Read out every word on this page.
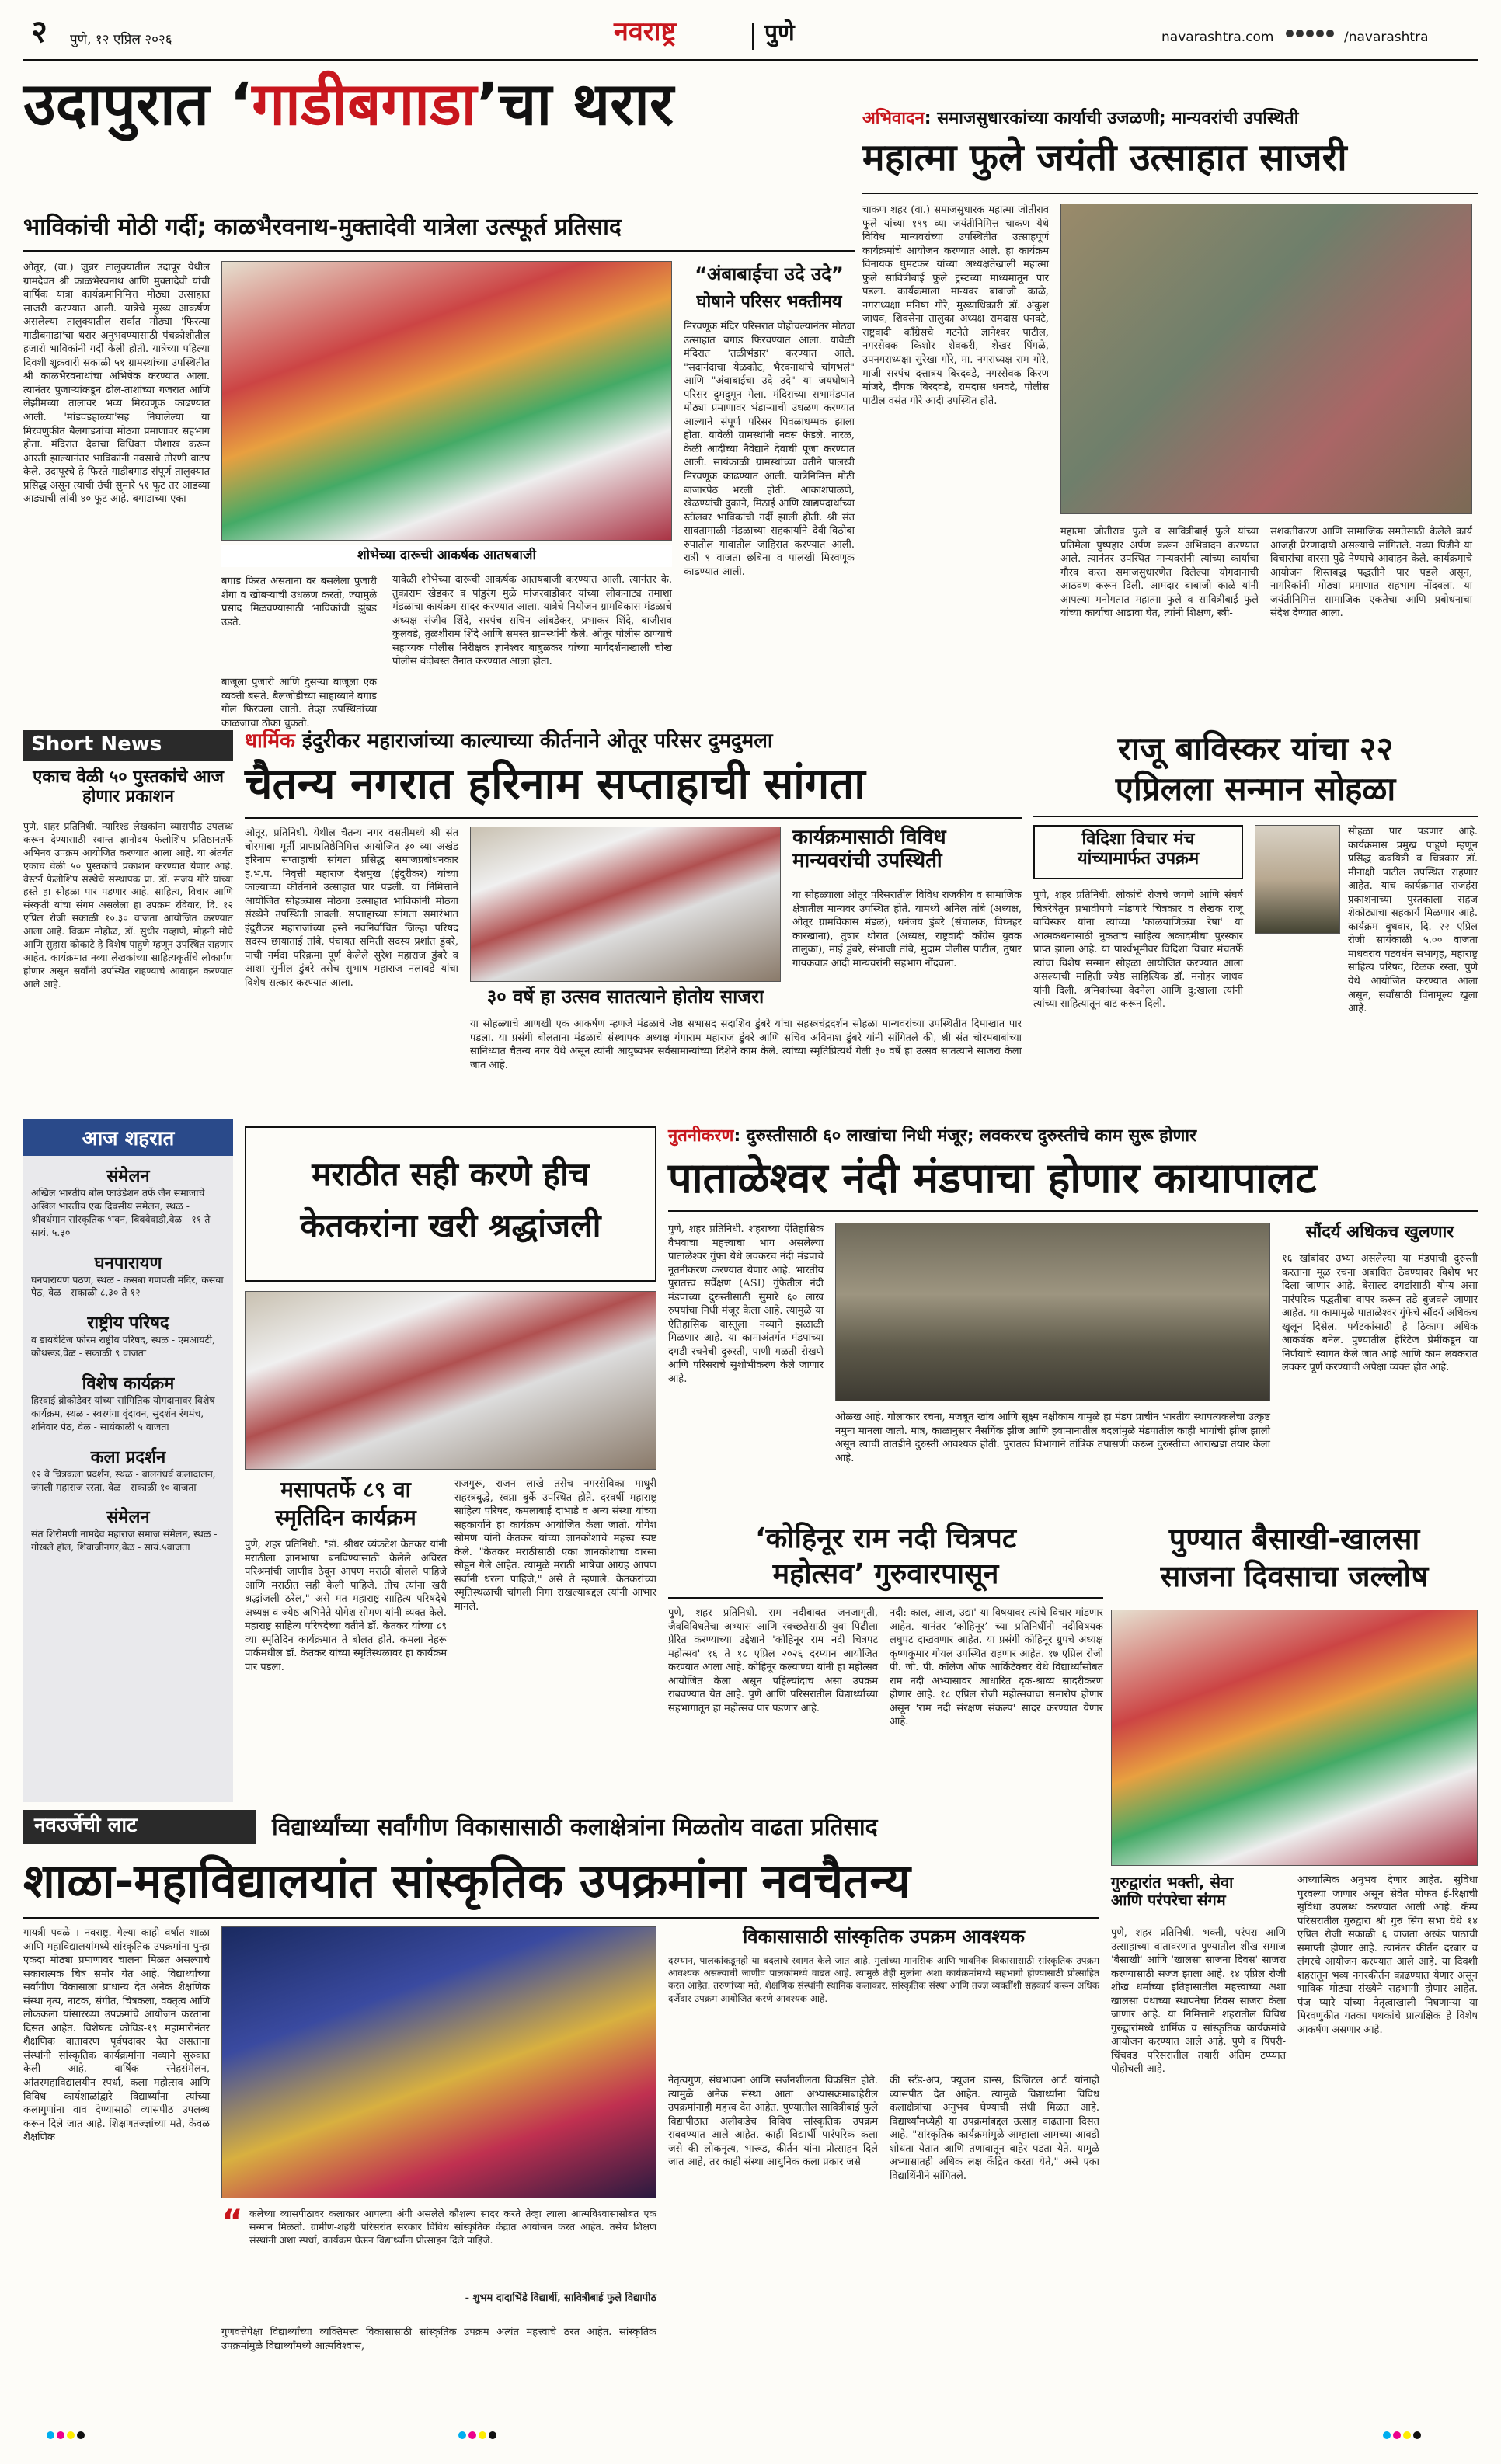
२ पुणे, १२ एप्रिल २०२६	नवराष्ट्र	पुणे	navarashtra.com
	/navarashtra
उदापुरात ‘गाडीबगाडा’चा थरार
भाविकांची मोठी गर्दी; काळभैरवनाथ-मुक्तादेवी यात्रेला उत्स्फूर्त प्रतिसाद
ओतूर, (वा.) जुन्नर तालुक्यातील उदापूर येथील ग्रामदैवत श्री काळभैरवनाथ आणि मुक्तादेवी यांची वार्षिक यात्रा कार्यक्रमांनिमित्त मोठ्या उत्साहात साजरी करण्यात आली. यात्रेचे मुख्य आकर्षण असलेल्या तालुक्यातील सर्वात मोठ्या 'फिरत्या गाडीबगाडा'चा थरार अनुभवण्यासाठी पंचक्रोशीतील हजारो भाविकांनी गर्दी केली होती. यात्रेच्या पहिल्या दिवशी शुक्रवारी सकाळी ५१ ग्रामस्थांच्या उपस्थितीत श्री काळभैरवनाथांचा अभिषेक करण्यात आला. त्यानंतर पुजाऱ्यांकडून ढोल-ताशांच्या गजरात आणि लेझीमच्या तालावर भव्य मिरवणूक काढण्यात आली. 'मांडवडहाळ्या'सह निघालेल्या या मिरवणुकीत बैलगाड्यांचा मोठ्या प्रमाणावर सहभाग होता. मंदिरात देवाचा विधिवत पोशाख करून आरती झाल्यानंतर भाविकांनी नवसाचे तोरणी वाटप केले. उदापूरचे हे फिरते गाडीबगाड संपूर्ण तालुक्यात प्रसिद्ध असून त्याची उंची सुमारे ५१ फूट तर आडव्या आड्याची लांबी ४० फूट आहे. बगाडाच्या एका
शोभेच्या दारूची आकर्षक आतषबाजी
यावेळी शोभेच्या दारूची आकर्षक आतषबाजी करण्यात आली. त्यानंतर के. तुकाराम खेडकर व पांडुरंग मुळे मांजरवाडीकर यांच्या लोकनाट्य तमाशा मंडळाचा कार्यक्रम सादर करण्यात आला. यात्रेचे नियोजन ग्रामविकास मंडळाचे अध्यक्ष संजीव शिंदे, सरपंच सचिन आंबडेकर, प्रभाकर शिंदे, बाजीराव कुलवडे, तुळशीराम शिंदे आणि समस्त ग्रामस्थांनी केले. ओतूर पोलीस ठाण्याचे सहाय्यक पोलीस निरीक्षक ज्ञानेश्वर बाबुळकर यांच्या मार्गदर्शनाखाली चोख पोलीस बंदोबस्त तैनात करण्यात आला होता.
बाजूला पुजारी आणि दुसऱ्या बाजूला एक व्यक्ती बसते. बैलजोडीच्या साहाय्याने बगाड गोल फिरवला जातो. तेव्हा उपस्थितांच्या काळजाचा ठोका चुकतो.
बगाड फिरत असताना वर बसलेला पुजारी शेंगा व खोबऱ्याची उधळण करतो, ज्यामुळे प्रसाद मिळवण्यासाठी भाविकांची झुंबड उडते.
“अंबाबाईचा उदे उदे”
घोषाने परिसर भक्तीमय
मिरवणूक मंदिर परिसरात पोहोचल्यानंतर मोठ्या उत्साहात बगाड फिरवण्यात आला. यावेळी मंदिरात 'तळीभंडार' करण्यात आले. "सदानंदाचा येळकोट, भैरवनाथांचे चांगभलं" आणि "अंबाबाईचा उदे उदे" या जयघोषाने परिसर दुमदुमून गेला. मंदिराच्या सभामंडपात मोठ्या प्रमाणावर भंडाऱ्याची उधळण करण्यात आल्याने संपूर्ण परिसर पिवळाधम्मक झाला होता. यावेळी ग्रामस्थांनी नवस फेडले. नारळ, केळी आदींच्या नैवेद्याने देवाची पूजा करण्यात आली. सायंकाळी ग्रामस्थांच्या वतीने पालखी मिरवणूक काढण्यात आली. यात्रेनिमित्त मोठी बाजारपेठ भरली होती. आकाशपाळणे, खेळण्यांची दुकाने, मिठाई आणि खाद्यपदार्थांच्या स्टॉलवर भाविकांची गर्दी झाली होती. श्री संत सावतामाळी मंडळाच्या सहकार्याने देवी-विठोबा रुपातील गावातील जाहिरात करण्यात आली. रात्री ९ वाजता छबिना व पालखी मिरवणूक काढण्यात आली.
अभिवादन: समाजसुधारकांच्या कार्याची उजळणी; मान्यवरांची उपस्थिती
महात्मा फुले जयंती उत्साहात साजरी
चाकण शहर (वा.) समाजसुधारक महात्मा जोतीराव फुले यांच्या १९९ व्या जयंतीनिमित्त चाकण येथे विविध मान्यवरांच्या उपस्थितीत उत्साहपूर्ण कार्यक्रमांचे आयोजन करण्यात आले. हा कार्यक्रम विनायक घुमटकर यांच्या अध्यक्षतेखाली महात्मा फुले सावित्रीबाई फुले ट्रस्टच्या माध्यमातून पार पडला. कार्यक्रमाला मान्यवर बाबाजी काळे, नगराध्यक्षा मनिषा गोरे, मुख्याधिकारी डॉ. अंकुश जाधव, शिवसेना तालुका अध्यक्ष रामदास धनवटे, राष्ट्रवादी काँग्रेसचे गटनेते ज्ञानेश्वर पाटील, नगरसेवक किशोर शेवकरी, शेखर पिंगळे, उपनगराध्यक्षा सुरेखा गोरे, मा. नगराध्यक्ष राम गोरे, माजी सरपंच दत्तात्रय बिरदवडे, नगरसेवक किरण मांजरे, दीपक बिरदवडे, रामदास धनवटे, पोलीस पाटील वसंत गोरे आदी उपस्थित होते.
महात्मा जोतीराव फुले व सावित्रीबाई फुले यांच्या प्रतिमेला पुष्पहार अर्पण करून अभिवादन करण्यात आले. त्यानंतर उपस्थित मान्यवरांनी त्यांच्या कार्याचा गौरव करत समाजसुधारणेत दिलेल्या योगदानाची आठवण करून दिली. आमदार बाबाजी काळे यांनी आपल्या मनोगतात महात्मा फुले व सावित्रीबाई फुले यांच्या कार्याचा आढावा घेत, त्यांनी शिक्षण, स्त्री-
सशक्तीकरण आणि सामाजिक समतेसाठी केलेले कार्य आजही प्रेरणादायी असल्याचे सांगितले. नव्या पिढीने या विचारांचा वारसा पुढे नेण्याचे आवाहन केले. कार्यक्रमाचे आयोजन शिस्तबद्ध पद्धतीने पार पडले असून, नागरिकांनी मोठ्या प्रमाणात सहभाग नोंदवला. या जयंतीनिमित्त सामाजिक एकतेचा आणि प्रबोधनाचा संदेश देण्यात आला.
Short News
एकाच वेळी ५० पुस्तकांचे आज होणार प्रकाशन
पुणे, शहर प्रतिनिधी. न्यारिश्ड लेखकांना व्यासपीठ उपलब्ध करून देण्यासाठी स्वान्त ज्ञानोदय फेलोशिप प्रतिष्ठानतर्फे अभिनव उपक्रम आयोजित करण्यात आला आहे. या अंतर्गत एकाच वेळी ५० पुस्तकांचे प्रकाशन करण्यात येणार आहे. वेस्टर्न फेलोशिप संस्थेचे संस्थापक प्रा. डॉ. संजय गोरे यांच्या हस्ते हा सोहळा पार पडणार आहे. साहित्य, विचार आणि संस्कृती यांचा संगम असलेला हा उपक्रम रविवार, दि. १२ एप्रिल रोजी सकाळी १०.३० वाजता आयोजित करण्यात आला आहे. विक्रम मोहोळ, डॉ. सुधीर गव्हाणे, मोहनी मोघे आणि सुहास कोकाटे हे विशेष पाहुणे म्हणून उपस्थित राहणार आहेत. कार्यक्रमात नव्या लेखकांच्या साहित्यकृतींचे लोकार्पण होणार असून सर्वांनी उपस्थित राहण्याचे आवाहन करण्यात आले आहे.
धार्मिक इंदुरीकर महाराजांच्या काल्याच्या कीर्तनाने ओतूर परिसर दुमदुमला
चैतन्य नगरात हरिनाम सप्ताहाची सांगता
ओतूर, प्रतिनिधी. येथील चैतन्य नगर वसतीमध्ये श्री संत चोरमाबा मूर्ती प्राणप्रतिष्ठेनिमित्त आयोजित ३० व्या अखंड हरिनाम सप्ताहाची सांगता प्रसिद्ध समाजप्रबोधनकार ह.भ.प. निवृत्ती महाराज देशमुख (इंदुरीकर) यांच्या काल्याच्या कीर्तनाने उत्साहात पार पडली. या निमित्ताने आयोजित सोहळ्यास मोठ्या उत्साहात भाविकांनी मोठ्या संख्येने उपस्थिती लावली. सप्ताहाच्या सांगता समारंभात इंदुरीकर महाराजांच्या हस्ते नवनिर्वाचित जिल्हा परिषद सदस्य छायाताई तांबे, पंचायत समिती सदस्य प्रशांत डुंबरे, पाची नर्मदा परिक्रमा पूर्ण केलेले सुरेश महाराज डुंबरे व आशा सुनील डुंबरे तसेच सुभाष महाराज नलावडे यांचा विशेष सत्कार करण्यात आला.
३० वर्षे हा उत्सव सातत्याने होतोय साजरा
कार्यक्रमासाठी विविध मान्यवरांची उपस्थिती
या सोहळ्याला ओतूर परिसरातील विविध राजकीय व सामाजिक क्षेत्रातील मान्यवर उपस्थित होते. यामध्ये अनिल तांबे (अध्यक्ष, ओतूर ग्रामविकास मंडळ), धनंजय डुंबरे (संचालक, विघ्नहर कारखाना), तुषार थोरात (अध्यक्ष, राष्ट्रवादी काँग्रेस युवक तालुका), माई डुंबरे, संभाजी तांबे, मुदाम पोलीस पाटील, तुषार गायकवाड आदी मान्यवरांनी सहभाग नोंदवला.
या सोहळ्याचे आणखी एक आकर्षण म्हणजे मंडळाचे जेष्ठ सभासद सदाशिव डुंबरे यांचा सहस्त्रचंद्रदर्शन सोहळा मान्यवरांच्या उपस्थितीत दिमाखात पार पडला. या प्रसंगी बोलताना मंडळाचे संस्थापक अध्यक्ष गंगाराम महाराज डुंबरे आणि सचिव अविनाश डुंबरे यांनी सांगितले की, श्री संत चोरमबाबांच्या सानिध्यात चैतन्य नगर येथे असून त्यांनी आयुष्यभर सर्वसामान्यांच्या दिशेने काम केले. त्यांच्या स्मृतिप्रित्यर्थ गेली ३० वर्षे हा उत्सव सातत्याने साजरा केला जात आहे.
राजू बाविस्कर यांचा २२
एप्रिलला सन्मान सोहळा
विदिशा विचार मंच
यांच्यामार्फत उपक्रम
पुणे, शहर प्रतिनिधी. लोकांचे रोजचे जगणे आणि संघर्ष चित्ररेषेतून प्रभावीपणे मांडणारे चित्रकार व लेखक राजू बाविस्कर यांना त्यांच्या 'काळयाणिळ्या रेषा' या आत्मकथनासाठी नुकताच साहित्य अकादमीचा पुरस्कार प्राप्त झाला आहे. या पार्श्वभूमीवर विदिशा विचार मंचतर्फे त्यांचा विशेष सन्मान सोहळा आयोजित करण्यात आला असल्याची माहिती ज्येष्ठ साहित्यिक डॉ. मनोहर जाधव यांनी दिली. श्रमिकांच्या वेदनेला आणि दु:खाला त्यांनी त्यांच्या साहित्यातून वाट करून दिली.
सोहळा पार पडणार आहे. कार्यक्रमास प्रमुख पाहुणे म्हणून प्रसिद्ध कवयित्री व चित्रकार डॉ. मीनाक्षी पाटील उपस्थित राहणार आहेत. याच कार्यक्रमात राजहंस प्रकाशनाच्या पुस्तकाला सहज शेकोट्याचा सहकार्य मिळणार आहे. कार्यक्रम बुधवार, दि. २२ एप्रिल रोजी सायंकाळी ५.०० वाजता माधवराव पटवर्धन सभागृह, महाराष्ट्र साहित्य परिषद, टिळक रस्ता, पुणे येथे आयोजित करण्यात आला असून, सर्वांसाठी विनामूल्य खुला आहे.
आज शहरात
संमेलन
अखिल भारतीय बोल फाउंडेशन तर्फे जैन समाजाचे अखिल भारतीय एक दिवसीय संमेलन, स्थळ - श्रीवर्धमान सांस्कृतिक भवन, बिबवेवाडी,वेळ - ११ ते सायं. ५.३०
घनपारायण
घनपारायण पठण, स्थळ - कसबा गणपती मंदिर, कसबा पेठ, वेळ - सकाळी ८.३० ते १२
राष्ट्रीय परिषद
व डायबेटिज फोरम राष्ट्रीय परिषद, स्थळ - एमआयटी, कोथरूड,वेळ - सकाळी ९ वाजता
विशेष कार्यक्रम
हिरवाई ब्रोकोडेवर यांच्या सांगितिक योगदानावर विशेष कार्यक्रम, स्थळ - स्वरगंगा वृंदावन, सुदर्शन रंगमंच, शनिवार पेठ, वेळ - सायंकाळी ५ वाजता
कला प्रदर्शन
१२ वे चित्रकला प्रदर्शन, स्थळ - बालगंधर्व कलादालन, जंगली महाराज रस्ता, वेळ - सकाळी १० वाजता
संमेलन
संत शिरोमणी नामदेव महाराज समाज संमेलन, स्थळ - गोखले हॉल, शिवाजीनगर,वेळ - सायं.५वाजता
मराठीत सही करणे हीच
केतकरांना खरी श्रद्धांजली
मसापतर्फे ८९ वा
स्मृतिदिन कार्यक्रम
पुणे, शहर प्रतिनिधी. "डॉ. श्रीधर व्यंकटेश केतकर यांनी मराठीला ज्ञानभाषा बनविण्यासाठी केलेले अविरत परिश्रमांची जाणीव ठेवून आपण मराठी बोलले पाहिजे आणि मराठीत सही केली पाहिजे. तीच त्यांना खरी श्रद्धांजली ठरेल," असे मत महाराष्ट्र साहित्य परिषदेचे अध्यक्ष व ज्येष्ठ अभिनेते योगेश सोमण यांनी व्यक्त केले. महाराष्ट्र साहित्य परिषदेच्या वतीने डॉ. केतकर यांच्या ८९ व्या स्मृतिदिन कार्यक्रमात ते बोलत होते. कमला नेहरू पार्कमधील डॉ. केतकर यांच्या स्मृतिस्थळावर हा कार्यक्रम पार पडला.
राजगुरू, राजन लाखे तसेच नगरसेविका माधुरी सहस्त्रबुद्धे, स्वप्ना बुर्के उपस्थित होते. दरवर्षी महाराष्ट्र साहित्य परिषद, कमलाबाई दाभाडे व अन्य संस्था यांच्या सहकार्याने हा कार्यक्रम आयोजित केला जातो. योगेश सोमण यांनी केतकर यांच्या ज्ञानकोशाचे महत्त्व स्पष्ट केले. "केतकर मराठीसाठी एका ज्ञानकोशाचा वारसा सोडून गेले आहेत. त्यामुळे मराठी भाषेचा आग्रह आपण सर्वांनी धरला पाहिजे," असे ते म्हणाले. केतकरांच्या स्मृतिस्थळाची चांगली निगा राखल्याबद्दल त्यांनी आभार मानले.
नुतनीकरण: दुरुस्तीसाठी ६० लाखांचा निधी मंजूर; लवकरच दुरुस्तीचे काम सुरू होणार
पाताळेश्वर नंदी मंडपाचा होणार कायापालट
पुणे, शहर प्रतिनिधी. शहराच्या ऐतिहासिक वैभवाचा महत्त्वाचा भाग असलेल्या पाताळेश्वर गुंफा येथे लवकरच नंदी मंडपाचे नूतनीकरण करण्यात येणार आहे. भारतीय पुरातत्त्व सर्वेक्षण (ASI) गुंफेतील नंदी मंडपाच्या दुरुस्तीसाठी सुमारे ६० लाख रुपयांचा निधी मंजूर केला आहे. त्यामुळे या ऐतिहासिक वास्तूला नव्याने झळाळी मिळणार आहे. या कामाअंतर्गत मंडपाच्या दगडी रचनेची दुरुस्ती, पाणी गळती रोखणे आणि परिसराचे सुशोभीकरण केले जाणार आहे.
ओळख आहे. गोलाकार रचना, मजबूत खांब आणि सूक्ष्म नक्षीकाम यामुळे हा मंडप प्राचीन भारतीय स्थापत्यकलेचा उत्कृष्ट नमुना मानला जातो. मात्र, काळानुसार नैसर्गिक झीज आणि हवामानातील बदलांमुळे मंडपातील काही भागांची झीज झाली असून त्याची तातडीने दुरुस्ती आवश्यक होती. पुरातत्व विभागाने तांत्रिक तपासणी करून दुरुस्तीचा आराखडा तयार केला आहे.
सौंदर्य अधिकच खुलणार
१६ खांबांवर उभ्या असलेल्या या मंडपाची दुरुस्ती करताना मूळ रचना अबाधित ठेवण्यावर विशेष भर दिला जाणार आहे. बेसाल्ट दगडांसाठी योग्य असा पारंपरिक पद्धतीचा वापर करून तडे बुजवले जाणार आहेत. या कामामुळे पाताळेश्वर गुंफेचे सौंदर्य अधिकच खुलून दिसेल. पर्यटकांसाठी हे ठिकाण अधिक आकर्षक बनेल. पुण्यातील हेरिटेज प्रेमींकडून या निर्णयाचे स्वागत केले जात आहे आणि काम लवकरात लवकर पूर्ण करण्याची अपेक्षा व्यक्त होत आहे.
‘कोहिनूर राम नदी चित्रपट
महोत्सव’ गुरुवारपासून
पुणे, शहर प्रतिनिधी. राम नदीबाबत जनजागृती, जैवविविधतेचा अभ्यास आणि स्वच्छतेसाठी युवा पिढीला प्रेरित करण्याच्या उद्देशाने 'कोहिनूर राम नदी चित्रपट महोत्सव' १६ ते १८ एप्रिल २०२६ दरम्यान आयोजित करण्यात आला आहे. कोहिनूर कल्याण्या यांनी हा महोत्सव आयोजित केला असून पहिल्यांदाच असा उपक्रम राबवण्यात येत आहे. पुणे आणि परिसरातील विद्यार्थ्यांच्या सहभागातून हा महोत्सव पार पडणार आहे.
नदी: काल, आज, उद्या' या विषयावर त्यांचे विचार मांडणार आहेत. यानंतर ‘कोहिनूर’ च्या प्रतिनिधींनी नदीविषयक लघुपट दाखवणार आहेत. या प्रसंगी कोहिनूर ग्रुपचे अध्यक्ष कृष्णकुमार गोयल उपस्थित राहणार आहेत. १७ एप्रिल रोजी पी. जी. पी. कॉलेज ऑफ आर्किटेक्चर येथे विद्यार्थ्यांसोबत राम नदी अभ्यासावर आधारित दृक-श्राव्य सादरीकरण होणार आहे. १८ एप्रिल रोजी महोत्सवाचा समारोप होणार असून 'राम नदी संरक्षण संकल्प' सादर करण्यात येणार आहे.
पुण्यात बैसाखी-खालसा
साजना दिवसाचा जल्लोष
गुरुद्वारांत भक्ती, सेवा आणि परंपरेचा संगम
पुणे, शहर प्रतिनिधी. भक्ती, परंपरा आणि उत्साहाच्या वातावरणात पुण्यातील शीख समाज 'बैसाखी' आणि 'खालसा साजना दिवस' साजरा करण्यासाठी सज्ज झाला आहे. १४ एप्रिल रोजी शीख धर्माच्या इतिहासातील महत्त्वाच्या अशा खालसा पंथाच्या स्थापनेचा दिवस साजरा केला जाणार आहे. या निमित्ताने शहरातील विविध गुरुद्वारांमध्ये धार्मिक व सांस्कृतिक कार्यक्रमांचे आयोजन करण्यात आले आहे. पुणे व पिंपरी-चिंचवड परिसरातील तयारी अंतिम टप्प्यात पोहोचली आहे.
आध्यात्मिक अनुभव देणार आहेत. सुविधा पुरवल्या जाणार असून सेवेत मोफत ई-रिक्षाची सुविधा उपलब्ध करण्यात आली आहे. कॅम्प परिसरातील गुरुद्वारा श्री गुरु सिंग सभा येथे १४ एप्रिल रोजी सकाळी ६ वाजता अखंड पाठाची समाप्ती होणार आहे. त्यानंतर कीर्तन दरबार व लंगरचे आयोजन करण्यात आले आहे. या दिवशी शहरातून भव्य नगरकीर्तन काढण्यात येणार असून भाविक मोठ्या संख्येने सहभागी होणार आहेत. पंज प्यारे यांच्या नेतृत्वाखाली निघणाऱ्या या मिरवणुकीत गतका पथकांचे प्रात्यक्षिक हे विशेष आकर्षण असणार आहे.
नवउर्जेची लाट	विद्यार्थ्यांच्या सर्वांगीण विकासासाठी कलाक्षेत्रांना मिळतोय वाढता प्रतिसाद
शाळा-महाविद्यालयांत सांस्कृतिक उपक्रमांना नवचैतन्य
गायत्री पवळे । नवराष्ट्र. गेल्या काही वर्षात शाळा आणि महाविद्यालयांमध्ये सांस्कृतिक उपक्रमांना पुन्हा एकदा मोठ्या प्रमाणावर चालना मिळत असल्याचे सकारात्मक चित्र समोर येत आहे. विद्यार्थ्यांच्या सर्वांगीण विकासाला प्राधान्य देत अनेक शैक्षणिक संस्था नृत्य, नाटक, संगीत, चित्रकला, वक्तृत्व आणि लोककला यांसारख्या उपक्रमांचे आयोजन करताना दिसत आहेत. विशेषतः कोविड-१९ महामारीनंतर शैक्षणिक वातावरण पूर्वपदावर येत असताना संस्थांनी सांस्कृतिक कार्यक्रमांना नव्याने सुरुवात केली आहे. वार्षिक स्नेहसंमेलन, आंतरमहाविद्यालयीन स्पर्धा, कला महोत्सव आणि विविध कार्यशाळांद्वारे विद्यार्थ्यांना त्यांच्या कलागुणांना वाव देण्यासाठी व्यासपीठ उपलब्ध करून दिले जात आहे. शिक्षणतज्ज्ञांच्या मते, केवळ शैक्षणिक
विकासासाठी सांस्कृतिक उपक्रम आवश्यक
दरम्यान, पालकांकडूनही या बदलाचे स्वागत केले जात आहे. मुलांच्या मानसिक आणि भावनिक विकासासाठी सांस्कृतिक उपक्रम आवश्यक असल्याची जाणीव पालकांमध्ये वाढत आहे. त्यामुळे तेही मुलांना अशा कार्यक्रमांमध्ये सहभागी होण्यासाठी प्रोत्साहित करत आहेत. तरुणांच्या मते, शैक्षणिक संस्थांनी स्थानिक कलाकार, सांस्कृतिक संस्था आणि तज्ज्ञ व्यक्तींशी सहकार्य करून अधिक दर्जेदार उपक्रम आयोजित करणे आवश्यक आहे.
नेतृत्वगुण, संघभावना आणि सर्जनशीलता विकसित होते. त्यामुळे अनेक संस्था आता अभ्यासक्रमाबाहेरील उपक्रमांनाही महत्त्व देत आहेत. पुण्यातील सावित्रीबाई फुले विद्यापीठात अलीकडेच विविध सांस्कृतिक उपक्रम राबवण्यात आले आहेत. काही विद्यार्थी पारंपरिक कला जसे की लोकनृत्य, भारूड, कीर्तन यांना प्रोत्साहन दिले जात आहे, तर काही संस्था आधुनिक कला प्रकार जसे
की स्टँड-अप, फ्यूजन डान्स, डिजिटल आर्ट यांनाही व्यासपीठ देत आहेत. त्यामुळे विद्यार्थ्यांना विविध कलाक्षेत्रांचा अनुभव घेण्याची संधी मिळत आहे. विद्यार्थ्यांमध्येही या उपक्रमांबद्दल उत्साह वाढताना दिसत आहे. "सांस्कृतिक कार्यक्रमांमुळे आम्हाला आमच्या आवडी शोधता येतात आणि तणावातून बाहेर पडता येते. यामुळे अभ्यासातही अधिक लक्ष केंद्रित करता येते," असे एका विद्यार्थिनीने सांगितले.
“ कलेच्या व्यासपीठावर कलाकार आपल्या अंगी असलेले कौशल्य सादर करते तेव्हा त्याला आत्मविश्वासासोबत एक सन्मान मिळतो. ग्रामीण-शहरी परिसरांत सरकार विविध सांस्कृतिक केंद्रात आयोजन करत आहेत. तसेच शिक्षण संस्थांनी अशा स्पर्धा, कार्यक्रम घेऊन विद्यार्थ्यांना प्रोत्साहन दिले पाहिजे.
- शुभम दादाभिंडे विद्यार्थी, सावित्रीबाई फुले विद्यापीठ
गुणवत्तेपेक्षा विद्यार्थ्यांच्या व्यक्तिमत्त्व विकासासाठी सांस्कृतिक उपक्रम अत्यंत महत्त्वाचे ठरत आहेत. सांस्कृतिक उपक्रमांमुळे विद्यार्थ्यांमध्ये आत्मविश्वास,
